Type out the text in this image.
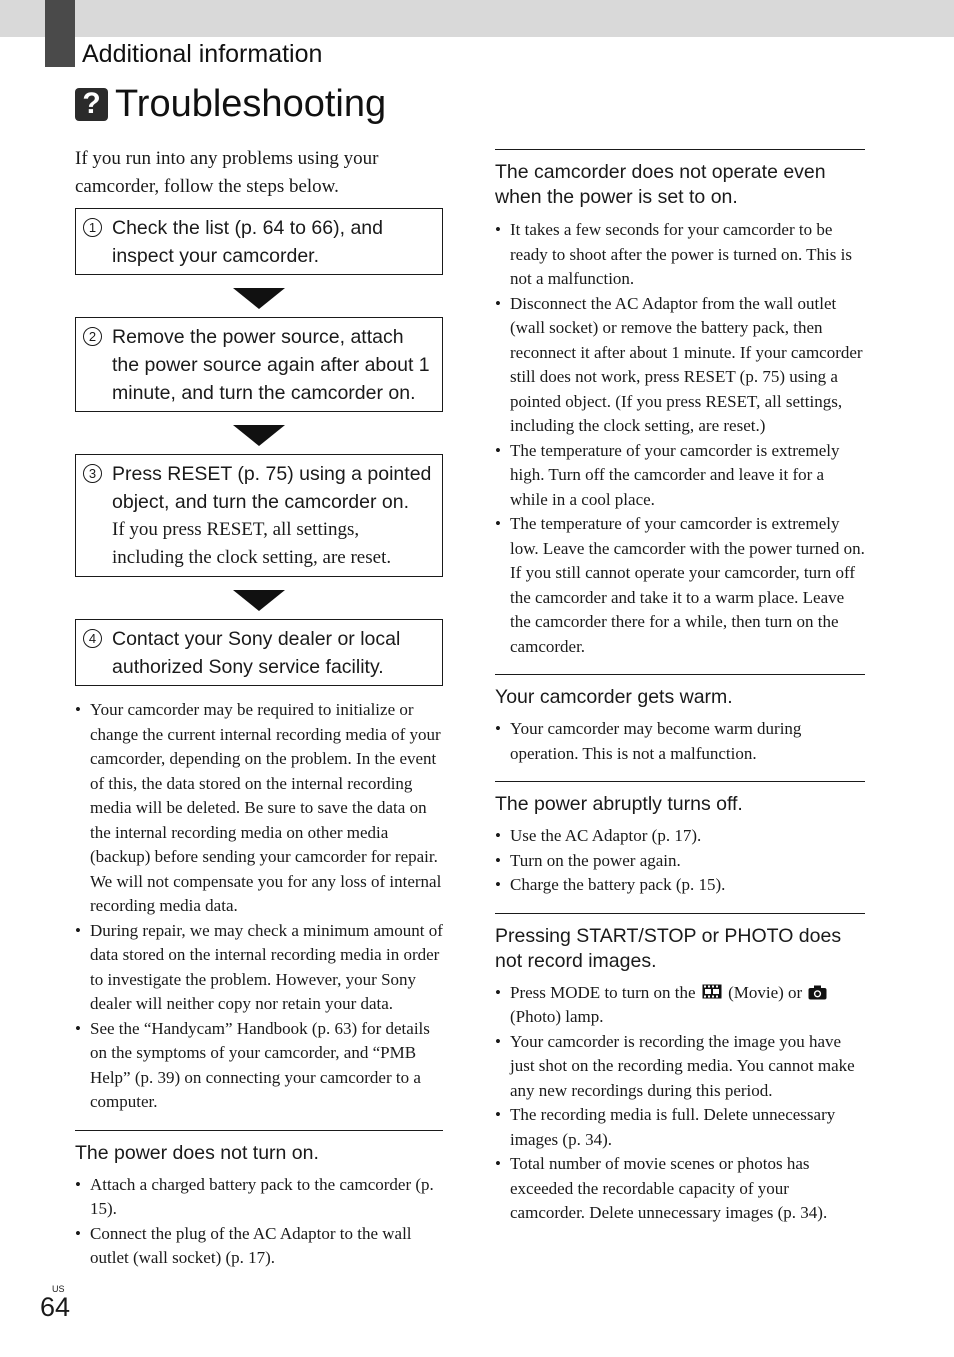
Additional information
? Troubleshooting

If you run into any problems using your camcorder, follow the steps below.

1 Check the list (p. 64 to 66), and inspect your camcorder.
2 Remove the power source, attach the power source again after about 1 minute, and turn the camcorder on.
3 Press RESET (p. 75) using a pointed object, and turn the camcorder on.
If you press RESET, all settings, including the clock setting, are reset.
4 Contact your Sony dealer or local authorized Sony service facility.
• Your camcorder may be required to initialize or change the current internal recording media of your camcorder, depending on the problem. In the event of this, the data stored on the internal recording media will be deleted. Be sure to save the data on the internal recording media on other media (backup) before sending your camcorder for repair. We will not compensate you for any loss of internal recording media data.
• During repair, we may check a minimum amount of data stored on the internal recording media in order to investigate the problem. However, your Sony dealer will neither copy nor retain your data.
• See the “Handycam” Handbook (p. 63) for details on the symptoms of your camcorder, and “PMB Help” (p. 39) on connecting your camcorder to a computer.

The power does not turn on.

• Attach a charged battery pack to the camcorder (p. 15).
• Connect the plug of the AC Adaptor to the wall outlet (wall socket) (p. 17).

The camcorder does not operate even when the power is set to on.

• It takes a few seconds for your camcorder to be ready to shoot after the power is turned on. This is not a malfunction.
• Disconnect the AC Adaptor from the wall outlet (wall socket) or remove the battery pack, then reconnect it after about 1 minute. If your camcorder still does not work, press RESET (p. 75) using a pointed object. (If you press RESET, all settings, including the clock setting, are reset.)
• The temperature of your camcorder is extremely high. Turn off the camcorder and leave it for a while in a cool place.
• The temperature of your camcorder is extremely low. Leave the camcorder with the power turned on. If you still cannot operate your camcorder, turn off the camcorder and take it to a warm place. Leave the camcorder there for a while, then turn on the camcorder.

Your camcorder gets warm.

• Your camcorder may become warm during operation. This is not a malfunction.

The power abruptly turns off.

• Use the AC Adaptor (p. 17).
• Turn on the power again.
• Charge the battery pack (p. 15).

Pressing START/STOP or PHOTO does not record images.

• Press MODE to turn on the (Movie) or  (Photo) lamp.
• Your camcorder is recording the image you have just shot on the recording media. You cannot make any new recordings during this period.
• The recording media is full. Delete unnecessary images (p. 34).
• Total number of movie scenes or photos has exceeded the recordable capacity of your camcorder. Delete unnecessary images (p. 34).
US
64
